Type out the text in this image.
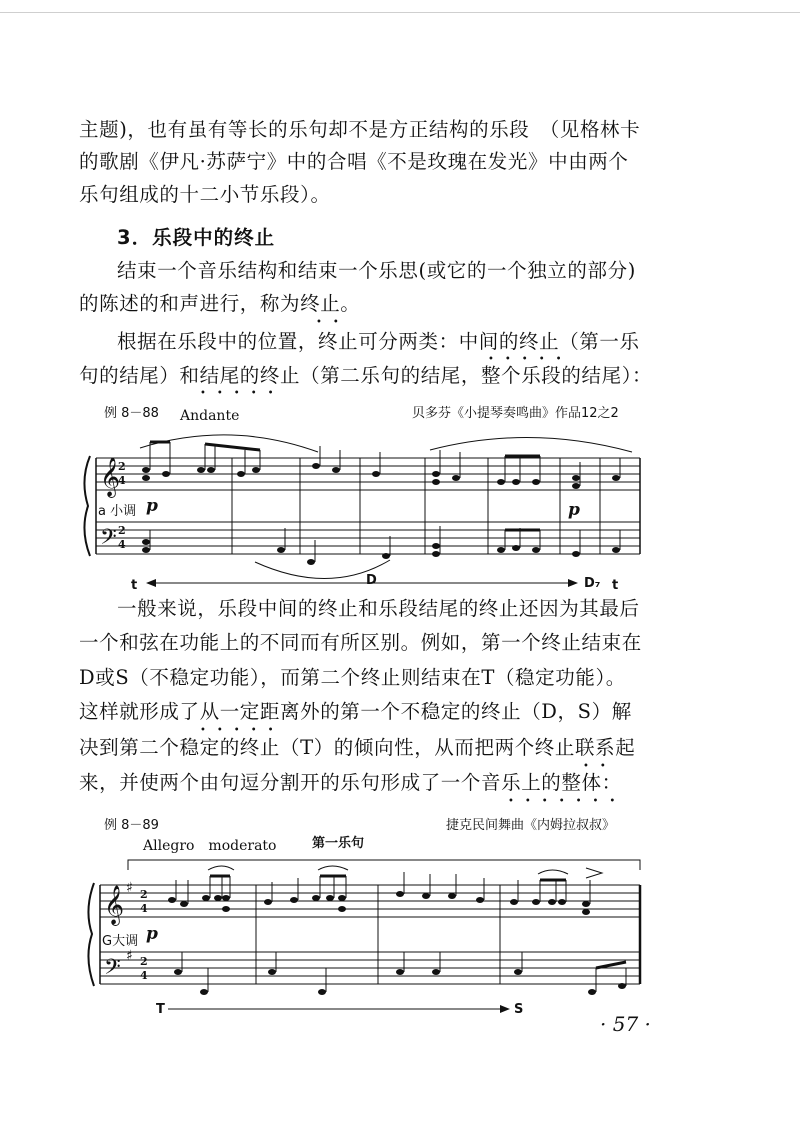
主题)，也有虽有等长的乐句却不是方正结构的乐段　（见格林卡
的歌剧《伊凡·苏萨宁》中的合唱《不是玫瑰在发光》中由两个
乐句组成的十二小节乐段）。
3．乐段中的终止
结束一个音乐结构和结束一个乐思(或它的一个独立的部分)
的陈述的和声进行，称为终止。
••
根据在乐段中的位置，终止可分两类：中间的终止（第一乐
•••••
句的结尾）和结尾的终止（第二乐句的结尾，整个乐段的结尾）：
•••••
例 8－88 Andante	贝多芬《小提琴奏鸣曲》作品12之2
a 小调 p	p
𝄞
𝄢
2
4
2
4
t	D	D₇ t
一般来说，乐段中间的终止和乐段结尾的终止还因为其最后
一个和弦在功能上的不同而有所区别。例如，第一个终止结束在
D或S（不稳定功能），而第二个终止则结束在T（稳定功能）。
这样就形成了从一定距离外的第一个不稳定的终止（D，S）解
•••••
决到第二个稳定的终止（T）的倾向性，从而把两个终止联系起
••
来，并使两个由句逗分割开的乐句形成了一个音乐上的整体：
•••••••
例 8－89	捷克民间舞曲《内姆拉叔叔》
Allegro　moderato	第一乐句
G大调 p
𝄞
𝄢
♯
♯
2
4
2
4
T	S
· 57 ·
